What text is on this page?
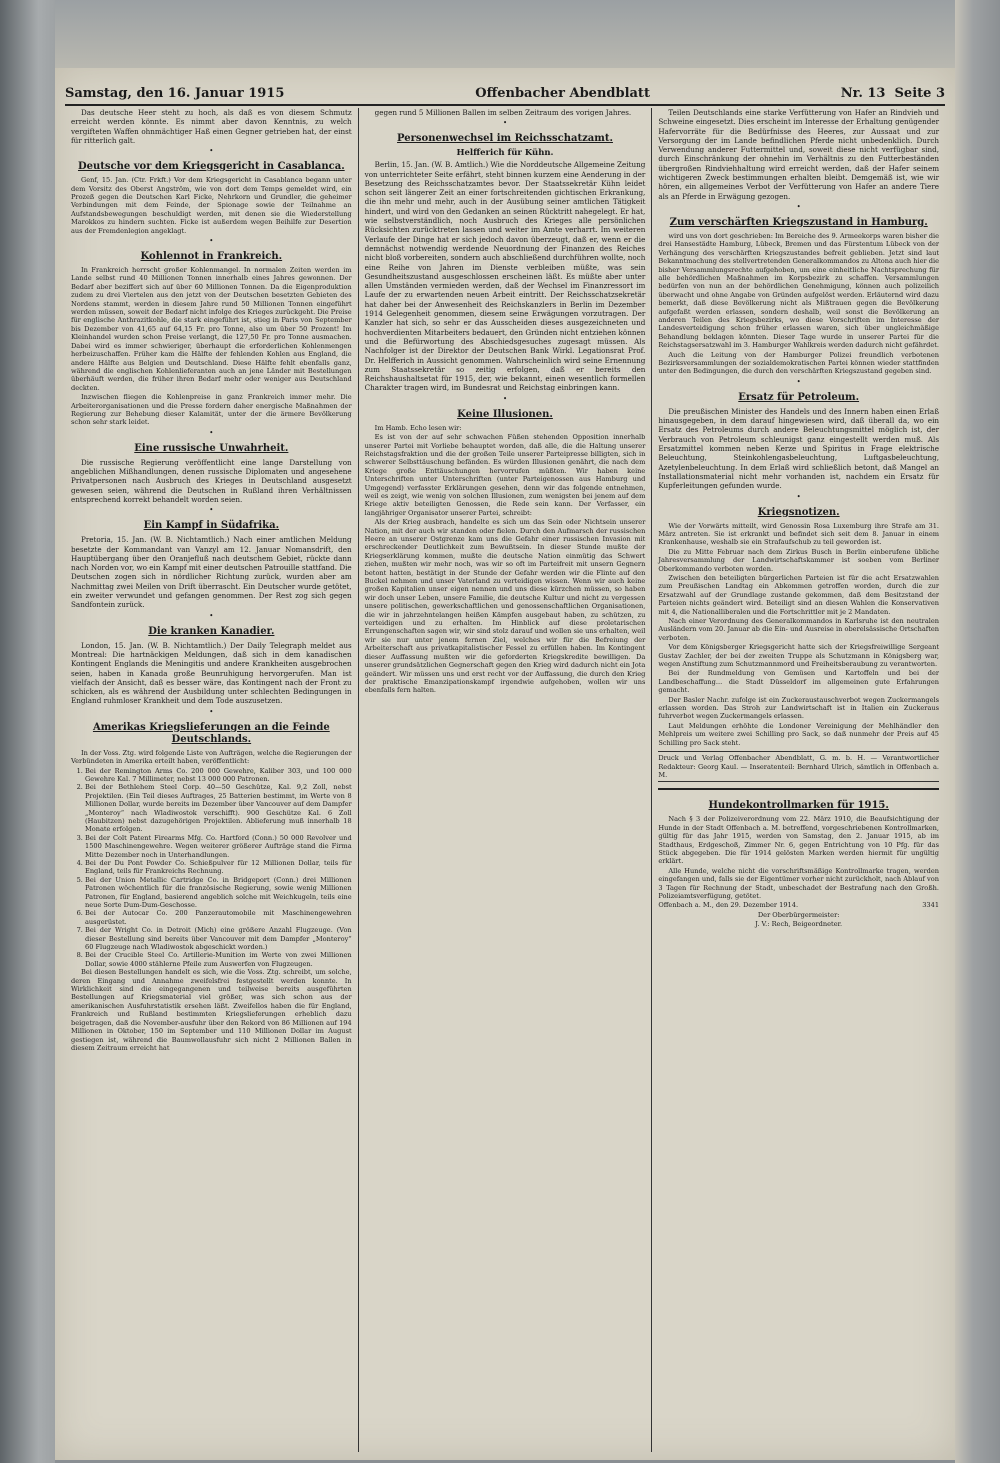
Samstag, den 16. Januar 1915	Offenbacher Abendblatt	Nr. 13 Seite 3

Das deutsche Heer steht zu hoch, als daß es von diesem Schmutz erreicht werden könnte. Es nimmt aber davon Kenntnis, zu welch vergifteten Waffen ohnmächtiger Haß einen Gegner getrieben hat, der einst für ritterlich galt.

•
Deutsche vor dem Kriegsgericht in Casablanca.

Genf, 15. Jan. (Ctr. Frkft.) Vor dem Kriegsgericht in Casablanca begann unter dem Vorsitz des Oberst Angström, wie von dort dem Temps gemeldet wird, ein Prozeß gegen die Deutschen Karl Ficke, Nehrkorn und Grundler, die geheimer Verbindungen mit dem Feinde, der Spionage sowie der Teilnahme an Aufstandsbewegungen beschuldigt werden, mit denen sie die Wiederstellung Marokkos zu hindern suchten. Ficke ist außerdem wegen Beihilfe zur Desertion aus der Fremdenlegion angeklagt.

•
Kohlennot in Frankreich.

In Frankreich herrscht großer Kohlenmangel. In normalen Zeiten werden im Lande selbst rund 40 Millionen Tonnen innerhalb eines Jahres gewonnen. Der Bedarf aber beziffert sich auf über 60 Millionen Tonnen. Da die Eigenproduktion zudem zu drei Viertelen aus den jetzt von der Deutschen besetzten Gebieten des Nordens stammt, werden in diesem Jahre rund 50 Millionen Tonnen eingeführt werden müssen, soweit der Bedarf nicht infolge des Krieges zurückgeht. Die Preise für englische Anthrazitkohle, die stark eingeführt ist, stieg in Paris von September bis Dezember von 41,65 auf 64,15 Fr. pro Tonne, also um über 50 Prozent! Im Kleinhandel wurden schon Preise verlangt, die 127,50 Fr. pro Tonne ausmachen. Dabei wird es immer schwieriger, überhaupt die erforderlichen Kohlenmengen herbeizuschaffen. Früher kam die Hälfte der fehlenden Kohlen aus England, die andere Hälfte aus Belgien und Deutschland. Diese Hälfte fehlt ebenfalls ganz, während die englischen Kohlenlieferanten auch an jene Länder mit Bestellungen überhäuft werden, die früher ihren Bedarf mehr oder weniger aus Deutschland deckten.

Inzwischen fliegen die Kohlenpreise in ganz Frankreich immer mehr. Die Arbeiterorganisationen und die Presse fordern daher energische Maßnahmen der Regierung zur Behebung dieser Kalamität, unter der die ärmere Bevölkerung schon sehr stark leidet.

•
Eine russische Unwahrheit.

Die russische Regierung veröffentlicht eine lange Darstellung von angeblichen Mißhandlungen, denen russische Diplomaten und angesehene Privatpersonen nach Ausbruch des Krieges in Deutschland ausgesetzt gewesen seien, während die Deutschen in Rußland ihren Verhältnissen entsprechend korrekt behandelt worden seien.

•
Ein Kampf in Südafrika.

Pretoria, 15. Jan. (W. B. Nichtamtlich.) Nach einer amtlichen Meldung besetzte der Kommandant van Vanzyl am 12. Januar Nomansdrift, den Hauptübergang über den Oranjefluß nach deutschem Gebiet, rückte dann nach Norden vor, wo ein Kampf mit einer deutschen Patrouille stattfand. Die Deutschen zogen sich in nördlicher Richtung zurück, wurden aber am Nachmittag zwei Meilen von Drift überrascht. Ein Deutscher wurde getötet, ein zweiter verwundet und gefangen genommen. Der Rest zog sich gegen Sandfontein zurück.

•
Die kranken Kanadier.

London, 15. Jan. (W. B. Nichtamtlich.) Der Daily Telegraph meldet aus Montreal: Die hartnäckigen Meldungen, daß sich in dem kanadischen Kontingent Englands die Meningitis und andere Krankheiten ausgebrochen seien, haben in Kanada große Beunruhigung hervorgerufen. Man ist vielfach der Ansicht, daß es besser wäre, das Kontingent nach der Front zu schicken, als es während der Ausbildung unter schlechten Bedingungen in England ruhmloser Krankheit und dem Tode auszusetzen.

•
Amerikas Kriegslieferungen an die Feinde Deutschlands.

In der Voss. Ztg. wird folgende Liste von Aufträgen, welche die Regierungen der Verbündeten in Amerika erteilt haben, veröffentlicht:

1. Bei der Remington Arms Co. 200 000 Gewehre, Kaliber 303, und 100 000 Gewehre Kal. 7 Millimeter, nebst 13 000 000 Patronen.
2. Bei der Bethlehem Steel Corp. 40—50 Geschütze, Kal. 9,2 Zoll, nebst Projektilen. (Ein Teil dieses Auftrages, 25 Batterien bestimmt, im Werte von 8 Millionen Dollar, wurde bereits im Dezember über Vancouver auf dem Dampfer „Monteroy“ nach Wladiwostok verschifft). 900 Geschütze Kal. 6 Zoll (Haubitzen) nebst dazugehörigen Projektilen. Ablieferung muß innerhalb 18 Monate erfolgen.
3. Bei der Colt Patent Firearms Mfg. Co. Hartford (Conn.) 50 000 Revolver und 1500 Maschinengewehre. Wegen weiterer größerer Aufträge stand die Firma Mitte Dezember noch in Unterhandlungen.
4. Bei der Du Pont Powder Co. Schießpulver für 12 Millionen Dollar, teils für England, teils für Frankreichs Rechnung.
5. Bei der Union Metallic Cartridge Co. in Bridgeport (Conn.) drei Millionen Patronen wöchentlich für die französische Regierung, sowie wenig Millionen Patronen, für England, basierend angeblich solche mit Weichkugeln, teils eine neue Sorte Dum-Dum-Geschosse.
6. Bei der Autocar Co. 200 Panzerautomobile mit Maschinengewehren ausgerüstet.
7. Bei der Wright Co. in Detroit (Mich) eine größere Anzahl Flugzeuge. (Von dieser Bestellung sind bereits über Vancouver mit dem Dampfer „Monteroy“ 60 Flugzeuge nach Wladiwostok abgeschickt worden.)
8. Bei der Crucible Steel Co. Artillerie-Munition im Werte von zwei Millionen Dollar, sowie 4000 stählerne Pfeile zum Auswerfen von Flugzeugen.

Bei diesen Bestellungen handelt es sich, wie die Voss. Ztg. schreibt, um solche, deren Eingang und Annahme zweifelsfrei festgestellt werden konnte. In Wirklichkeit sind die eingegangenen und teilweise bereits ausgeführten Bestellungen auf Kriegsmaterial viel größer, was sich schon aus der amerikanischen Ausfuhrstatistik ersehen läßt. Zweifellos haben die für England, Frankreich und Rußland bestimmten Kriegslieferungen erheblich dazu beigetragen, daß die November-ausfuhr über den Rekord von 86 Millionen auf 194 Millionen in Oktober, 150 im September und 110 Millionen Dollar im August gestiegen ist, während die Baumwollausfuhr sich nicht 2 Millionen Ballen in diesem Zeitraum erreicht hat

gegen rund 5 Millionen Ballen im selben Zeitraum des vorigen Jahres.

•
Personenwechsel im Reichsschatzamt.
Helfferich für Kühn.

Berlin, 15. Jan. (W. B. Amtlich.) Wie die Norddeutsche Allgemeine Zeitung von unterrichteter Seite erfährt, steht binnen kurzem eine Aenderung in der Besetzung des Reichsschatzamtes bevor. Der Staatssekretär Kühn leidet schon seit längerer Zeit an einer fortschreitenden gichtischen Erkrankung, die ihn mehr und mehr, auch in der Ausübung seiner amtlichen Tätigkeit hindert, und wird von den Gedanken an seinen Rücktritt nahegelegt. Er hat, wie selbstverständlich, noch Ausbruch des Krieges alle persönlichen Rücksichten zurücktreten lassen und weiter im Amte verharrt. Im weiteren Verlaufe der Dinge hat er sich jedoch davon überzeugt, daß er, wenn er die demnächst notwendig werdende Neuordnung der Finanzen des Reiches nicht bloß vorbereiten, sondern auch abschließend durchführen wollte, noch eine Reihe von Jahren im Dienste verbleiben müßte, was sein Gesundheitszustand ausgeschlossen erscheinen läßt. Es müßte aber unter allen Umständen vermieden werden, daß der Wechsel im Finanzressort im Laufe der zu erwartenden neuen Arbeit eintritt. Der Reichsschatzsekretär hat daher bei der Anwesenheit des Reichskanzlers in Berlin im Dezember 1914 Gelegenheit genommen, diesem seine Erwägungen vorzutragen. Der Kanzler hat sich, so sehr er das Ausscheiden dieses ausgezeichneten und hochverdienten Mitarbeiters bedauert, den Gründen nicht entziehen können und die Befürwortung des Abschiedsgesuches zugesagt müssen. Als Nachfolger ist der Direktor der Deutschen Bank Wirkl. Legationsrat Prof. Dr. Helfferich in Aussicht genommen. Wahrscheinlich wird seine Ernennung zum Staatssekretär so zeitig erfolgen, daß er bereits den Reichshaushaltsetat für 1915, der, wie bekannt, einen wesentlich formellen Charakter tragen wird, im Bundesrat und Reichstag einbringen kann.

•
Keine Illusionen.

Im Hamb. Echo lesen wir:

Es ist von der auf sehr schwachen Füßen stehenden Opposition innerhalb unserer Partei mit Vorliebe behauptet worden, daß alle, die die Haltung unserer Reichstagsfraktion und die der großen Teile unserer Parteipresse billigten, sich in schwerer Selbsttäuschung befänden. Es würden Illusionen genährt, die nach dem Kriege große Enttäuschungen hervorrufen müßten. Wir haben keine Unterschriften unter Unterschriften (unter Parteigenossen aus Hamburg und Umgegend) verfasster Erklärungen gesehen, denn wir das folgende entnehmen, weil es zeigt, wie wenig von solchen Illusionen, zum wenigsten bei jenem auf dem Kriege aktiv beteiligten Genossen, die Rede sein kann. Der Verfasser, ein langjähriger Organisator unserer Partei, schreibt:

Als der Krieg ausbrach, handelte es sich um das Sein oder Nichtsein unserer Nation, mit der auch wir standen oder fielen. Durch den Aufmarsch der russischen Heere an unserer Ostgrenze kam uns die Gefahr einer russischen Invasion mit erschreckender Deutlichkeit zum Bewußtsein. In dieser Stunde mußte der Kriegserklärung kommen, mußte die deutsche Nation einmütig das Schwert ziehen, mußten wir mehr noch, was wir so oft im Parteifreit mit unsern Gegnern betont hatten, bestätigt in der Stunde der Gefahr werden wir die Flinte auf den Buckel nehmen und unser Vaterland zu verteidigen wissen. Wenn wir auch keine großen Kapitalien unser eigen nennen und uns diese kürzchen müssen, so haben wir doch unser Leben, unsere Familie, die deutsche Kultur und nicht zu vergessen unsere politischen, gewerkschaftlichen und genossenschaftlichen Organisationen, die wir in jahrzehntelangen heißen Kämpfen ausgebaut haben, zu schützen, zu verteidigen und zu erhalten. Im Hinblick auf diese proletarischen Errungenschaften sagen wir, wir sind stolz darauf und wollen sie uns erhalten, weil wir sie nur unter jenem fernen Ziel, welches wir für die Befreiung der Arbeiterschaft aus privatkapitalistischer Fessel zu erfüllen haben. Im Kontingent dieser Auffassung mußten wir die geforderten Kriegskredite bewilligen. Da unserer grundsätzlichen Gegnerschaft gegen den Krieg wird dadurch nicht ein Jota geändert. Wir müssen uns und erst recht vor der Auffassung, die durch den Krieg der praktische Emanzipationskampf irgendwie aufgehoben, wollen wir uns ebenfalls fern halten.

Teilen Deutschlands eine starke Verfütterung von Hafer an Rindvieh und Schweine eingesetzt. Dies erscheint im Interesse der Erhaltung genügender Hafervorräte für die Bedürfnisse des Heeres, zur Aussaat und zur Versorgung der im Lande befindlichen Pferde nicht unbedenklich. Durch Verwendung anderer Futtermittel und, soweit diese nicht verfügbar sind, durch Einschränkung der ohnehin im Verhältnis zu den Futterbeständen übergroßen Rindviehhaltung wird erreicht werden, daß der Hafer seinem wichtigeren Zweck bestimmungen erhalten bleibt. Demgemäß ist, wie wir hören, ein allgemeines Verbot der Verfütterung von Hafer an andere Tiere als an Pferde in Erwägung gezogen.

•
Zum verschärften Kriegszustand in Hamburg.

wird uns von dort geschrieben: Im Bereiche des 9. Armeekorps waren bisher die drei Hansestädte Hamburg, Lübeck, Bremen und das Fürstentum Lübeck von der Verhängung des verschärften Kriegszustandes befreit geblieben. Jetzt sind laut Bekanntmachung des stellvertretenden Generalkommandos zu Altona auch hier die bisher Versammlungsrechte aufgehoben, um eine einheitliche Nachtsprechung für alle behördlichen Maßnahmen im Korpsbezirk zu schaffen. Versammlungen bedürfen von nun an der behördlichen Genehmigung, können auch polizeilich überwacht und ohne Angabe von Gründen aufgelöst werden. Erläuternd wird dazu bemerkt, daß diese Bevölkerung nicht als Mißtrauen gegen die Bevölkerung aufgefaßt werden erlassen, sondern deshalb, weil sonst die Bevölkerung an anderen Teilen des Kriegsbezirks, wo diese Vorschriften im Interesse der Landesverteidigung schon früher erlassen waren, sich über ungleichmäßige Behandlung beklagen könnten. Dieser Tage wurde in unserer Partei für die Reichstagsersatzwahl im 3. Hamburger Wahlkreis werden dadurch nicht gefährdet.

Auch die Leitung von der Hamburger Polizei freundlich verbotenen Bezirksversammlungen der sozialdemokratischen Partei können wieder stattfinden unter den Bedingungen, die durch den verschärften Kriegszustand gegeben sind.

•
Ersatz für Petroleum.

Die preußischen Minister des Handels und des Innern haben einen Erlaß hinausgegeben, in dem darauf hingewiesen wird, daß überall da, wo ein Ersatz des Petroleums durch andere Beleuchtungsmittel möglich ist, der Verbrauch von Petroleum schleunigst ganz eingestellt werden muß. Als Ersatzmittel kommen neben Kerze und Spiritus in Frage elektrische Beleuchtung, Steinkohlengasbeleuchtung, Luftgasbeleuchtung, Azetylenbeleuchtung. In dem Erlaß wird schließlich betont, daß Mangel an Installationsmaterial nicht mehr vorhanden ist, nachdem ein Ersatz für Kupferleitungen gefunden wurde.

•
Kriegsnotizen.

Wie der Vorwärts mitteilt, wird Genossin Rosa Luxemburg ihre Strafe am 31. März antreten. Sie ist erkrankt und befindet sich seit dem 8. Januar in einem Krankenhause, weshalb sie ein Strafaufschub zu teil geworden ist.

Die zu Mitte Februar nach dem Zirkus Busch in Berlin einberufene übliche Jahresversammlung der Landwirtschaftskammer ist soeben vom Berliner Oberkommando verboten worden.

Zwischen den beteiligten bürgerlichen Parteien ist für die acht Ersatzwahlen zum Preußischen Landtag ein Abkommen getroffen worden, durch die zur Ersatzwahl auf der Grundlage zustande gekommen, daß dem Besitzstand der Parteien nichts geändert wird. Beteiligt sind an diesen Wahlen die Konservativen mit 4, die Nationalliberalen und die Fortschrittler mit je 2 Mandaten.

Nach einer Verordnung des Generalkommandos in Karlsruhe ist den neutralen Ausländern vom 20. Januar ab die Ein- und Ausreise in oberelsässische Ortschaften verboten.

Vor dem Königsberger Kriegsgericht hatte sich der Kriegsfreiwillige Sergeant Gustav Zachler, der bei der zweiten Truppe als Schutzmann in Königsberg war, wegen Anstiftung zum Schutzmannmord und Freiheitsberaubung zu verantworten.

Bei der Rundmeldung von Gemüsen und Kartoffeln und bei der Landbeschaffung... die Stadt Düsseldorf im allgemeinen gute Erfahrungen gemacht.

Der Basler Nachr. zufolge ist ein Zuckeraustauschverbot wegen Zuckermangels erlassen worden. Das Stroh zur Landwirtschaft ist in Italien ein Zuckeraus fuhrverbot wegen Zuckermangels erlassen.

Laut Meldungen erhöhte die Londoner Vereinigung der Mehlhändler den Mehlpreis um weitere zwei Schilling pro Sack, so daß nunmehr der Preis auf 45 Schilling pro Sack steht.

Druck und Verlag Offenbacher Abendblatt, G. m. b. H. — Verantwortlicher Redakteur: Georg Kaul. — Inseratenteil: Bernhard Ulrich, sämtlich in Offenbach a. M.
Hundekontrollmarken für 1915.

Nach § 3 der Polizeiverordnung vom 22. März 1910, die Beaufsichtigung der Hunde in der Stadt Offenbach a. M. betreffend, vorgeschriebenen Kontrollmarken, gültig für das Jahr 1915, werden von Samstag, den 2. Januar 1915, ab im Stadthaus, Erdgeschoß, Zimmer Nr. 6, gegen Entrichtung von 10 Pfg. für das Stück abgegeben. Die für 1914 gelösten Marken werden hiermit für ungültig erklärt.

Alle Hunde, welche nicht die vorschriftsmäßige Kontrollmarke tragen, werden eingefangen und, falls sie der Eigentümer vorher nicht zurückholt, nach Ablauf von 3 Tagen für Rechnung der Stadt, unbeschadet der Bestrafung nach den Großh. Polizeiamtsverfügung, getötet.

Offenbach a. M., den 29. Dezember 1914.	3341

Der Oberbürgermeister:

J. V.: Rech, Beigeordneter.
